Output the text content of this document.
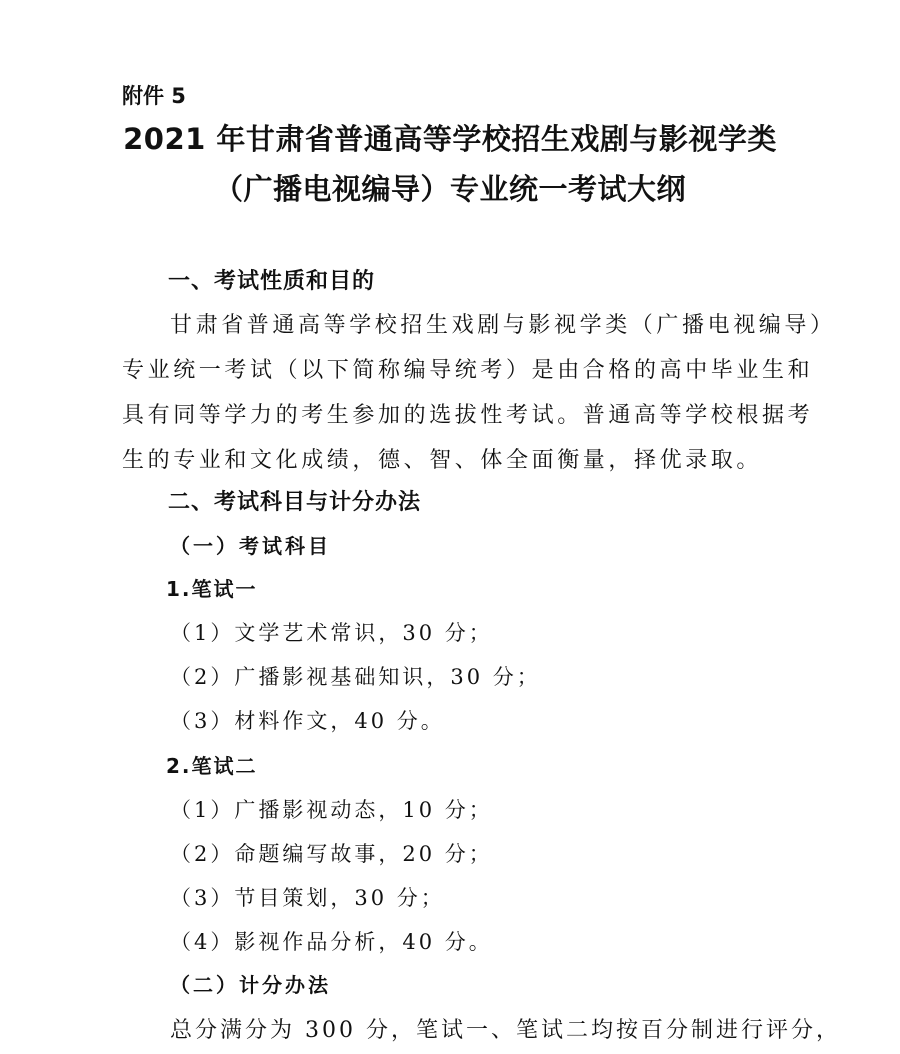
附件 5
2021 年甘肃省普通高等学校招生戏剧与影视学类
（广播电视编导）专业统一考试大纲
一、考试性质和目的
甘肃省普通高等学校招生戏剧与影视学类（广播电视编导）
专业统一考试（以下简称编导统考）是由合格的高中毕业生和
具有同等学力的考生参加的选拔性考试。普通高等学校根据考
生的专业和文化成绩，德、智、体全面衡量，择优录取。
二、考试科目与计分办法
（一）考试科目
1.笔试一
（1）文学艺术常识，30 分；
（2）广播影视基础知识，30 分；
（3）材料作文，40 分。
2.笔试二
（1）广播影视动态，10 分；
（2）命题编写故事，20 分；
（3）节目策划，30 分；
（4）影视作品分析，40 分。
（二）计分办法
总分满分为 300 分，笔试一、笔试二均按百分制进行评分，
